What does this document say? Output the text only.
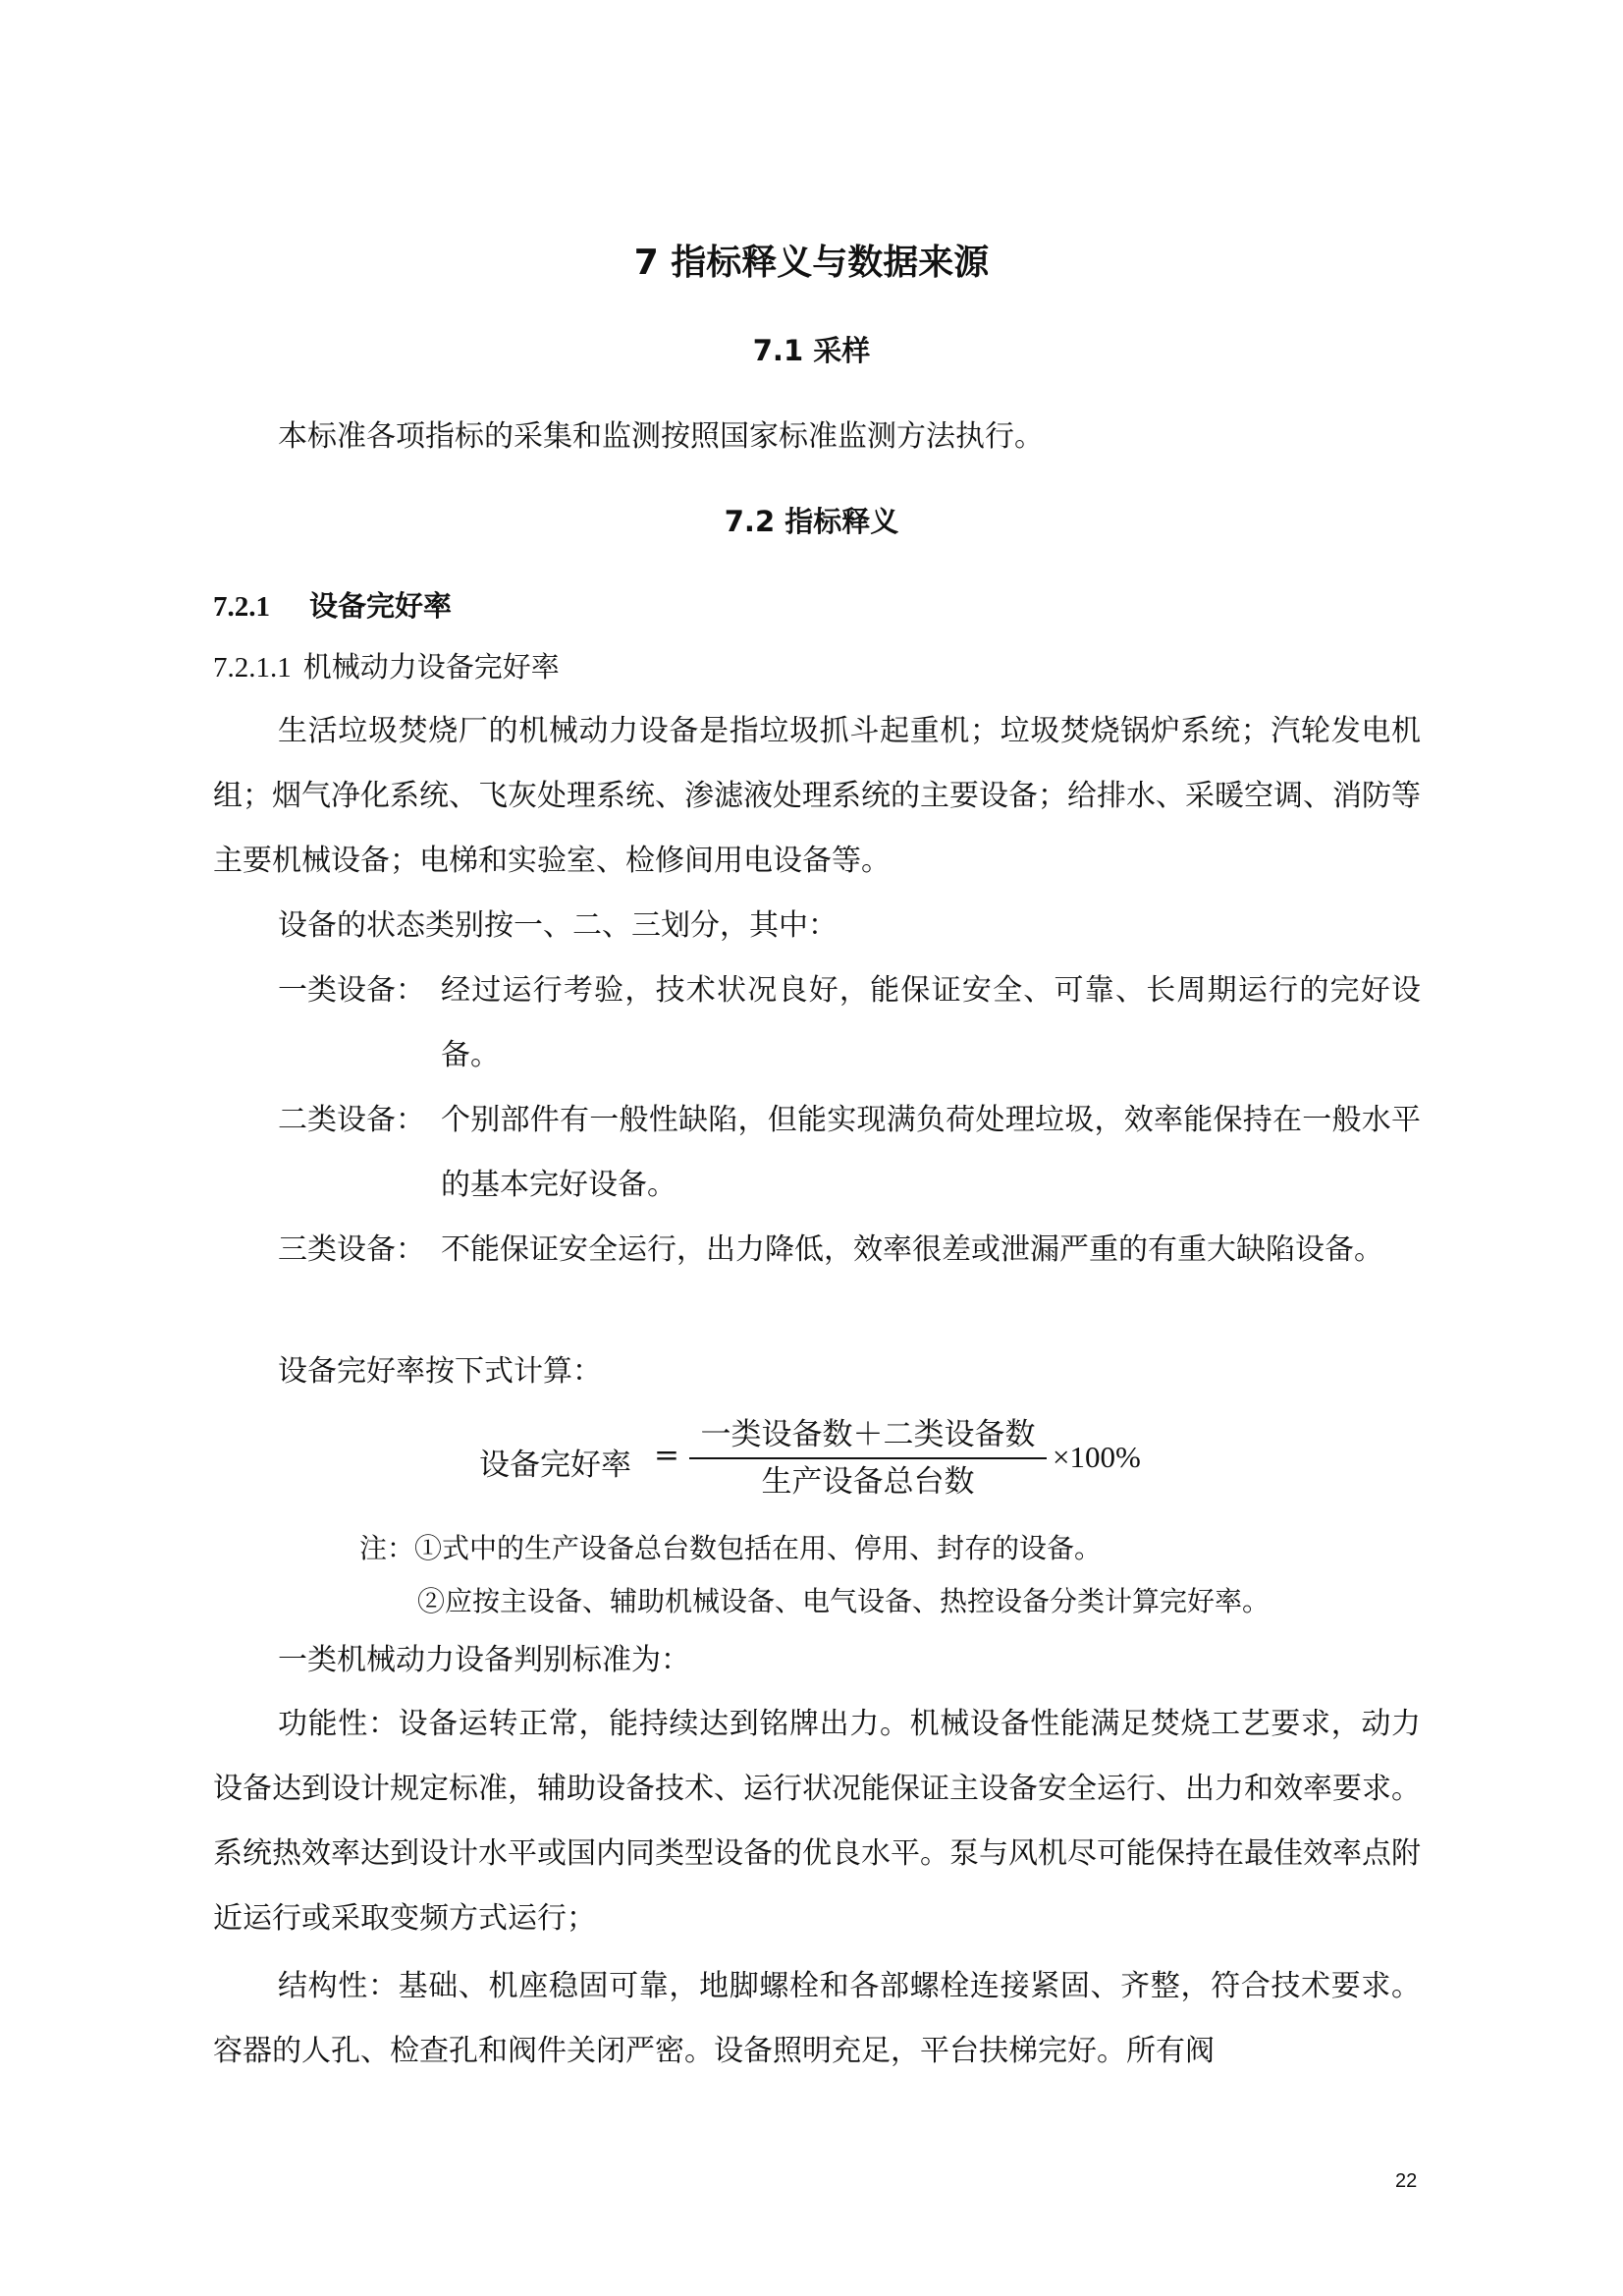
7 指标释义与数据来源
7.1 采样
本标准各项指标的采集和监测按照国家标准监测方法执行。
7.2 指标释义
7.2.1 设备完好率
7.2.1.1 机械动力设备完好率

生活垃圾焚烧厂的机械动力设备是指垃圾抓斗起重机；垃圾焚烧锅炉系统；汽轮发电机组；烟气净化系统、飞灰处理系统、渗滤液处理系统的主要设备；给排水、采暖空调、消防等主要机械设备；电梯和实验室、检修间用电设备等。

设备的状态类别按一、二、三划分，其中：
一类设备： 经过运行考验，技术状况良好，能保证安全、可靠、长周期运行的完好设备。
二类设备： 个别部件有一般性缺陷，但能实现满负荷处理垃圾，效率能保持在一般水平的基本完好设备。
三类设备： 不能保证安全运行，出力降低，效率很差或泄漏严重的有重大缺陷设备。
设备完好率按下式计算：
设备完好率 =
一类设备数＋二类设备数
生产设备总台数
×100%
注：①式中的生产设备总台数包括在用、停用、封存的设备。
②应按主设备、辅助机械设备、电气设备、热控设备分类计算完好率。
一类机械动力设备判别标准为：

功能性：设备运转正常，能持续达到铭牌出力。机械设备性能满足焚烧工艺要求，动力设备达到设计规定标准，辅助设备技术、运行状况能保证主设备安全运行、出力和效率要求。系统热效率达到设计水平或国内同类型设备的优良水平。泵与风机尽可能保持在最佳效率点附近运行或采取变频方式运行；

结构性：基础、机座稳固可靠，地脚螺栓和各部螺栓连接紧固、齐整，符合技术要求。容器的人孔、检查孔和阀件关闭严密。设备照明充足，平台扶梯完好。所有阀

22
